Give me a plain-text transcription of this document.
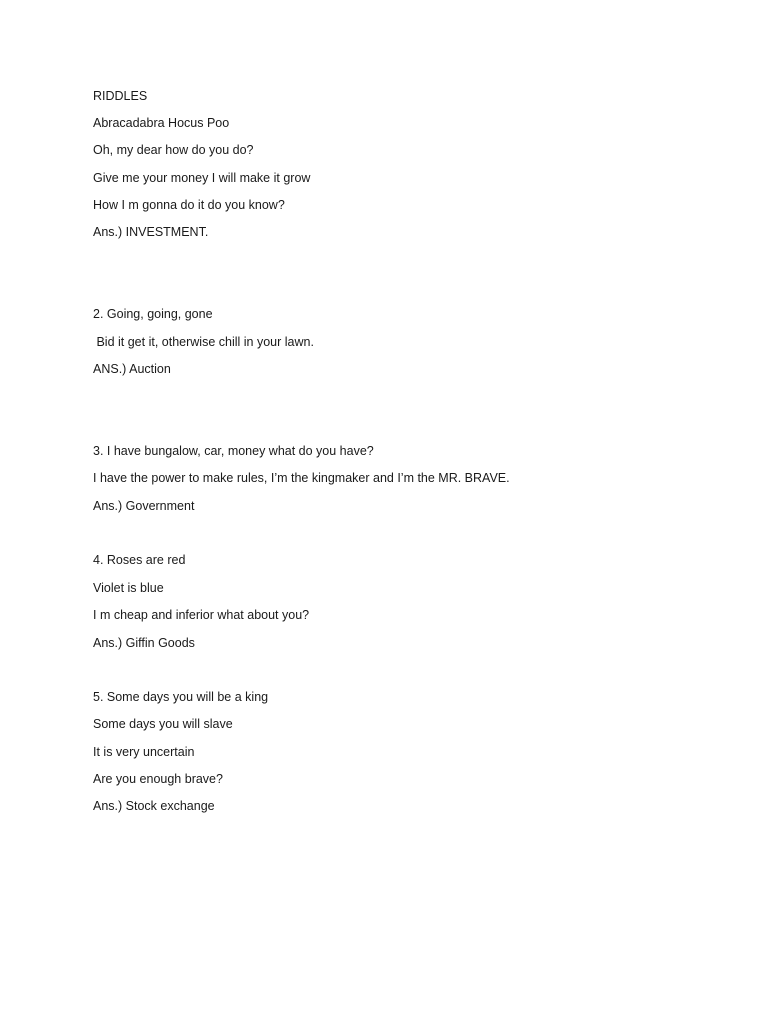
RIDDLES
Abracadabra Hocus Poo
Oh, my dear how do you do?
Give me your money I will make it grow
How I m gonna do it do you know?
Ans.) INVESTMENT.
2. Going, going, gone
Bid it get it, otherwise chill in your lawn.
ANS.) Auction
3. I have bungalow, car, money what do you have?
I have the power to make rules, I’m the kingmaker and I’m the MR. BRAVE.
Ans.) Government
4. Roses are red
Violet is blue
I m cheap and inferior what about you?
Ans.) Giffin Goods
5. Some days you will be a king
Some days you will slave
It is very uncertain
Are you enough brave?
Ans.) Stock exchange
